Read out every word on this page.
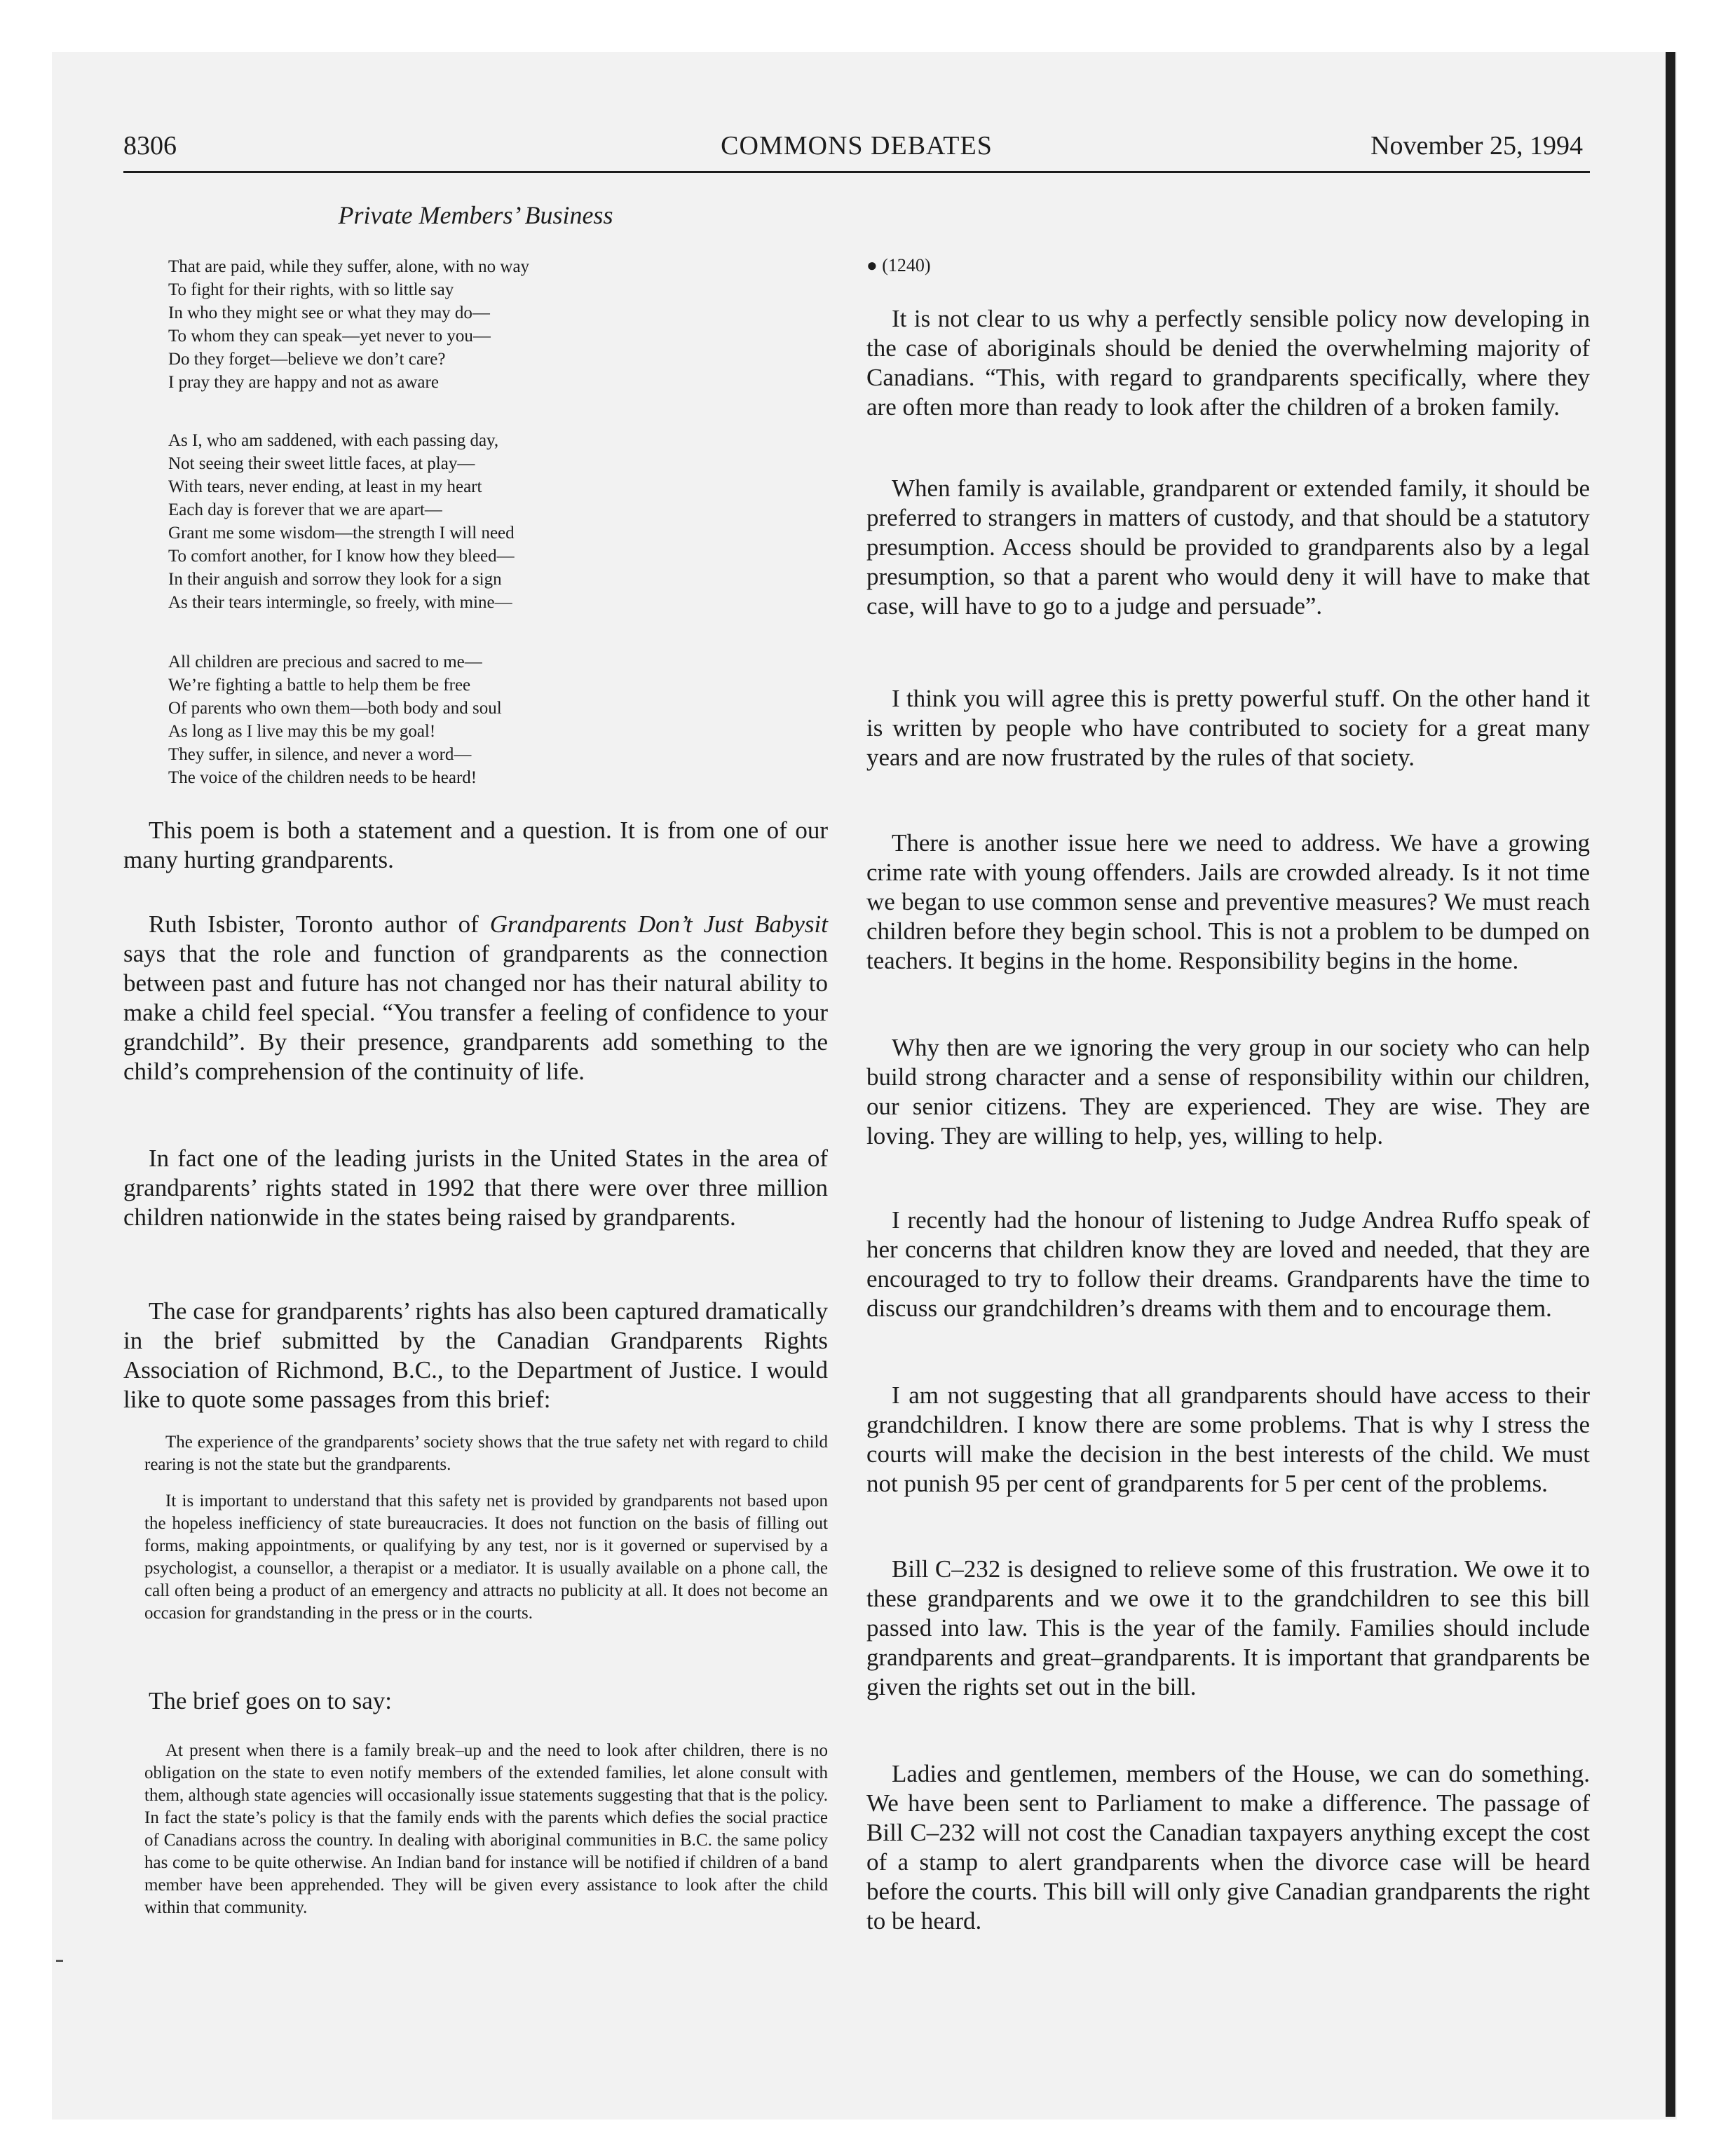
8306	COMMONS DEBATES	November 25, 1994
Private Members’ Business
That are paid, while they suffer, alone, with no way
To fight for their rights, with so little say
In who they might see or what they may do—
To whom they can speak—yet never to you—
Do they forget—believe we don’t care?
I pray they are happy and not as aware
As I, who am saddened, with each passing day,
Not seeing their sweet little faces, at play—
With tears, never ending, at least in my heart
Each day is forever that we are apart—
Grant me some wisdom—the strength I will need
To comfort another, for I know how they bleed—
In their anguish and sorrow they look for a sign
As their tears intermingle, so freely, with mine—
All children are precious and sacred to me—
We’re fighting a battle to help them be free
Of parents who own them—both body and soul
As long as I live may this be my goal!
They suffer, in silence, and never a word—
The voice of the children needs to be heard!

This poem is both a statement and a question. It is from one of our many hurting grandparents.

Ruth Isbister, Toronto author of Grandparents Don’t Just Babysit says that the role and function of grandparents as the connection between past and future has not changed nor has their natural ability to make a child feel special. “You transfer a feeling of confidence to your grandchild”. By their presence, grandparents add something to the child’s comprehension of the continuity of life.

In fact one of the leading jurists in the United States in the area of grandparents’ rights stated in 1992 that there were over three million children nationwide in the states being raised by grandparents.

The case for grandparents’ rights has also been captured dramatically in the brief submitted by the Canadian Grandparents Rights Association of Richmond, B.C., to the Department of Justice. I would like to quote some passages from this brief:

The experience of the grandparents’ society shows that the true safety net with regard to child rearing is not the state but the grandparents.

It is important to understand that this safety net is provided by grandparents not based upon the hopeless inefficiency of state bureaucracies. It does not function on the basis of filling out forms, making appointments, or qualifying by any test, nor is it governed or supervised by a psychologist, a counsellor, a therapist or a mediator. It is usually available on a phone call, the call often being a product of an emergency and attracts no publicity at all. It does not become an occasion for grandstanding in the press or in the courts.

The brief goes on to say:

At present when there is a family break–up and the need to look after children, there is no obligation on the state to even notify members of the extended families, let alone consult with them, although state agencies will occasionally issue statements suggesting that that is the policy. In fact the state’s policy is that the family ends with the parents which defies the social practice of Canadians across the country. In dealing with aboriginal communities in B.C. the same policy has come to be quite otherwise. An Indian band for instance will be notified if children of a band member have been apprehended. They will be given every assistance to look after the child within that community.

● (1240)

It is not clear to us why a perfectly sensible policy now developing in the case of aboriginals should be denied the overwhelming majority of Canadians. “This, with regard to grandparents specifically, where they are often more than ready to look after the children of a broken family.

When family is available, grandparent or extended family, it should be preferred to strangers in matters of custody, and that should be a statutory presumption. Access should be provided to grandparents also by a legal presumption, so that a parent who would deny it will have to make that case, will have to go to a judge and persuade”.

I think you will agree this is pretty powerful stuff. On the other hand it is written by people who have contributed to society for a great many years and are now frustrated by the rules of that society.

There is another issue here we need to address. We have a growing crime rate with young offenders. Jails are crowded already. Is it not time we began to use common sense and preventive measures? We must reach children before they begin school. This is not a problem to be dumped on teachers. It begins in the home. Responsibility begins in the home.

Why then are we ignoring the very group in our society who can help build strong character and a sense of responsibility within our children, our senior citizens. They are experienced. They are wise. They are loving. They are willing to help, yes, willing to help.

I recently had the honour of listening to Judge Andrea Ruffo speak of her concerns that children know they are loved and needed, that they are encouraged to try to follow their dreams. Grandparents have the time to discuss our grandchildren’s dreams with them and to encourage them.

I am not suggesting that all grandparents should have access to their grandchildren. I know there are some problems. That is why I stress the courts will make the decision in the best interests of the child. We must not punish 95 per cent of grandparents for 5 per cent of the problems.

Bill C–232 is designed to relieve some of this frustration. We owe it to these grandparents and we owe it to the grandchildren to see this bill passed into law. This is the year of the family. Families should include grandparents and great–grandparents. It is important that grandparents be given the rights set out in the bill.

Ladies and gentlemen, members of the House, we can do something. We have been sent to Parliament to make a difference. The passage of Bill C–232 will not cost the Canadian taxpayers anything except the cost of a stamp to alert grandparents when the divorce case will be heard before the courts. This bill will only give Canadian grandparents the right to be heard.
